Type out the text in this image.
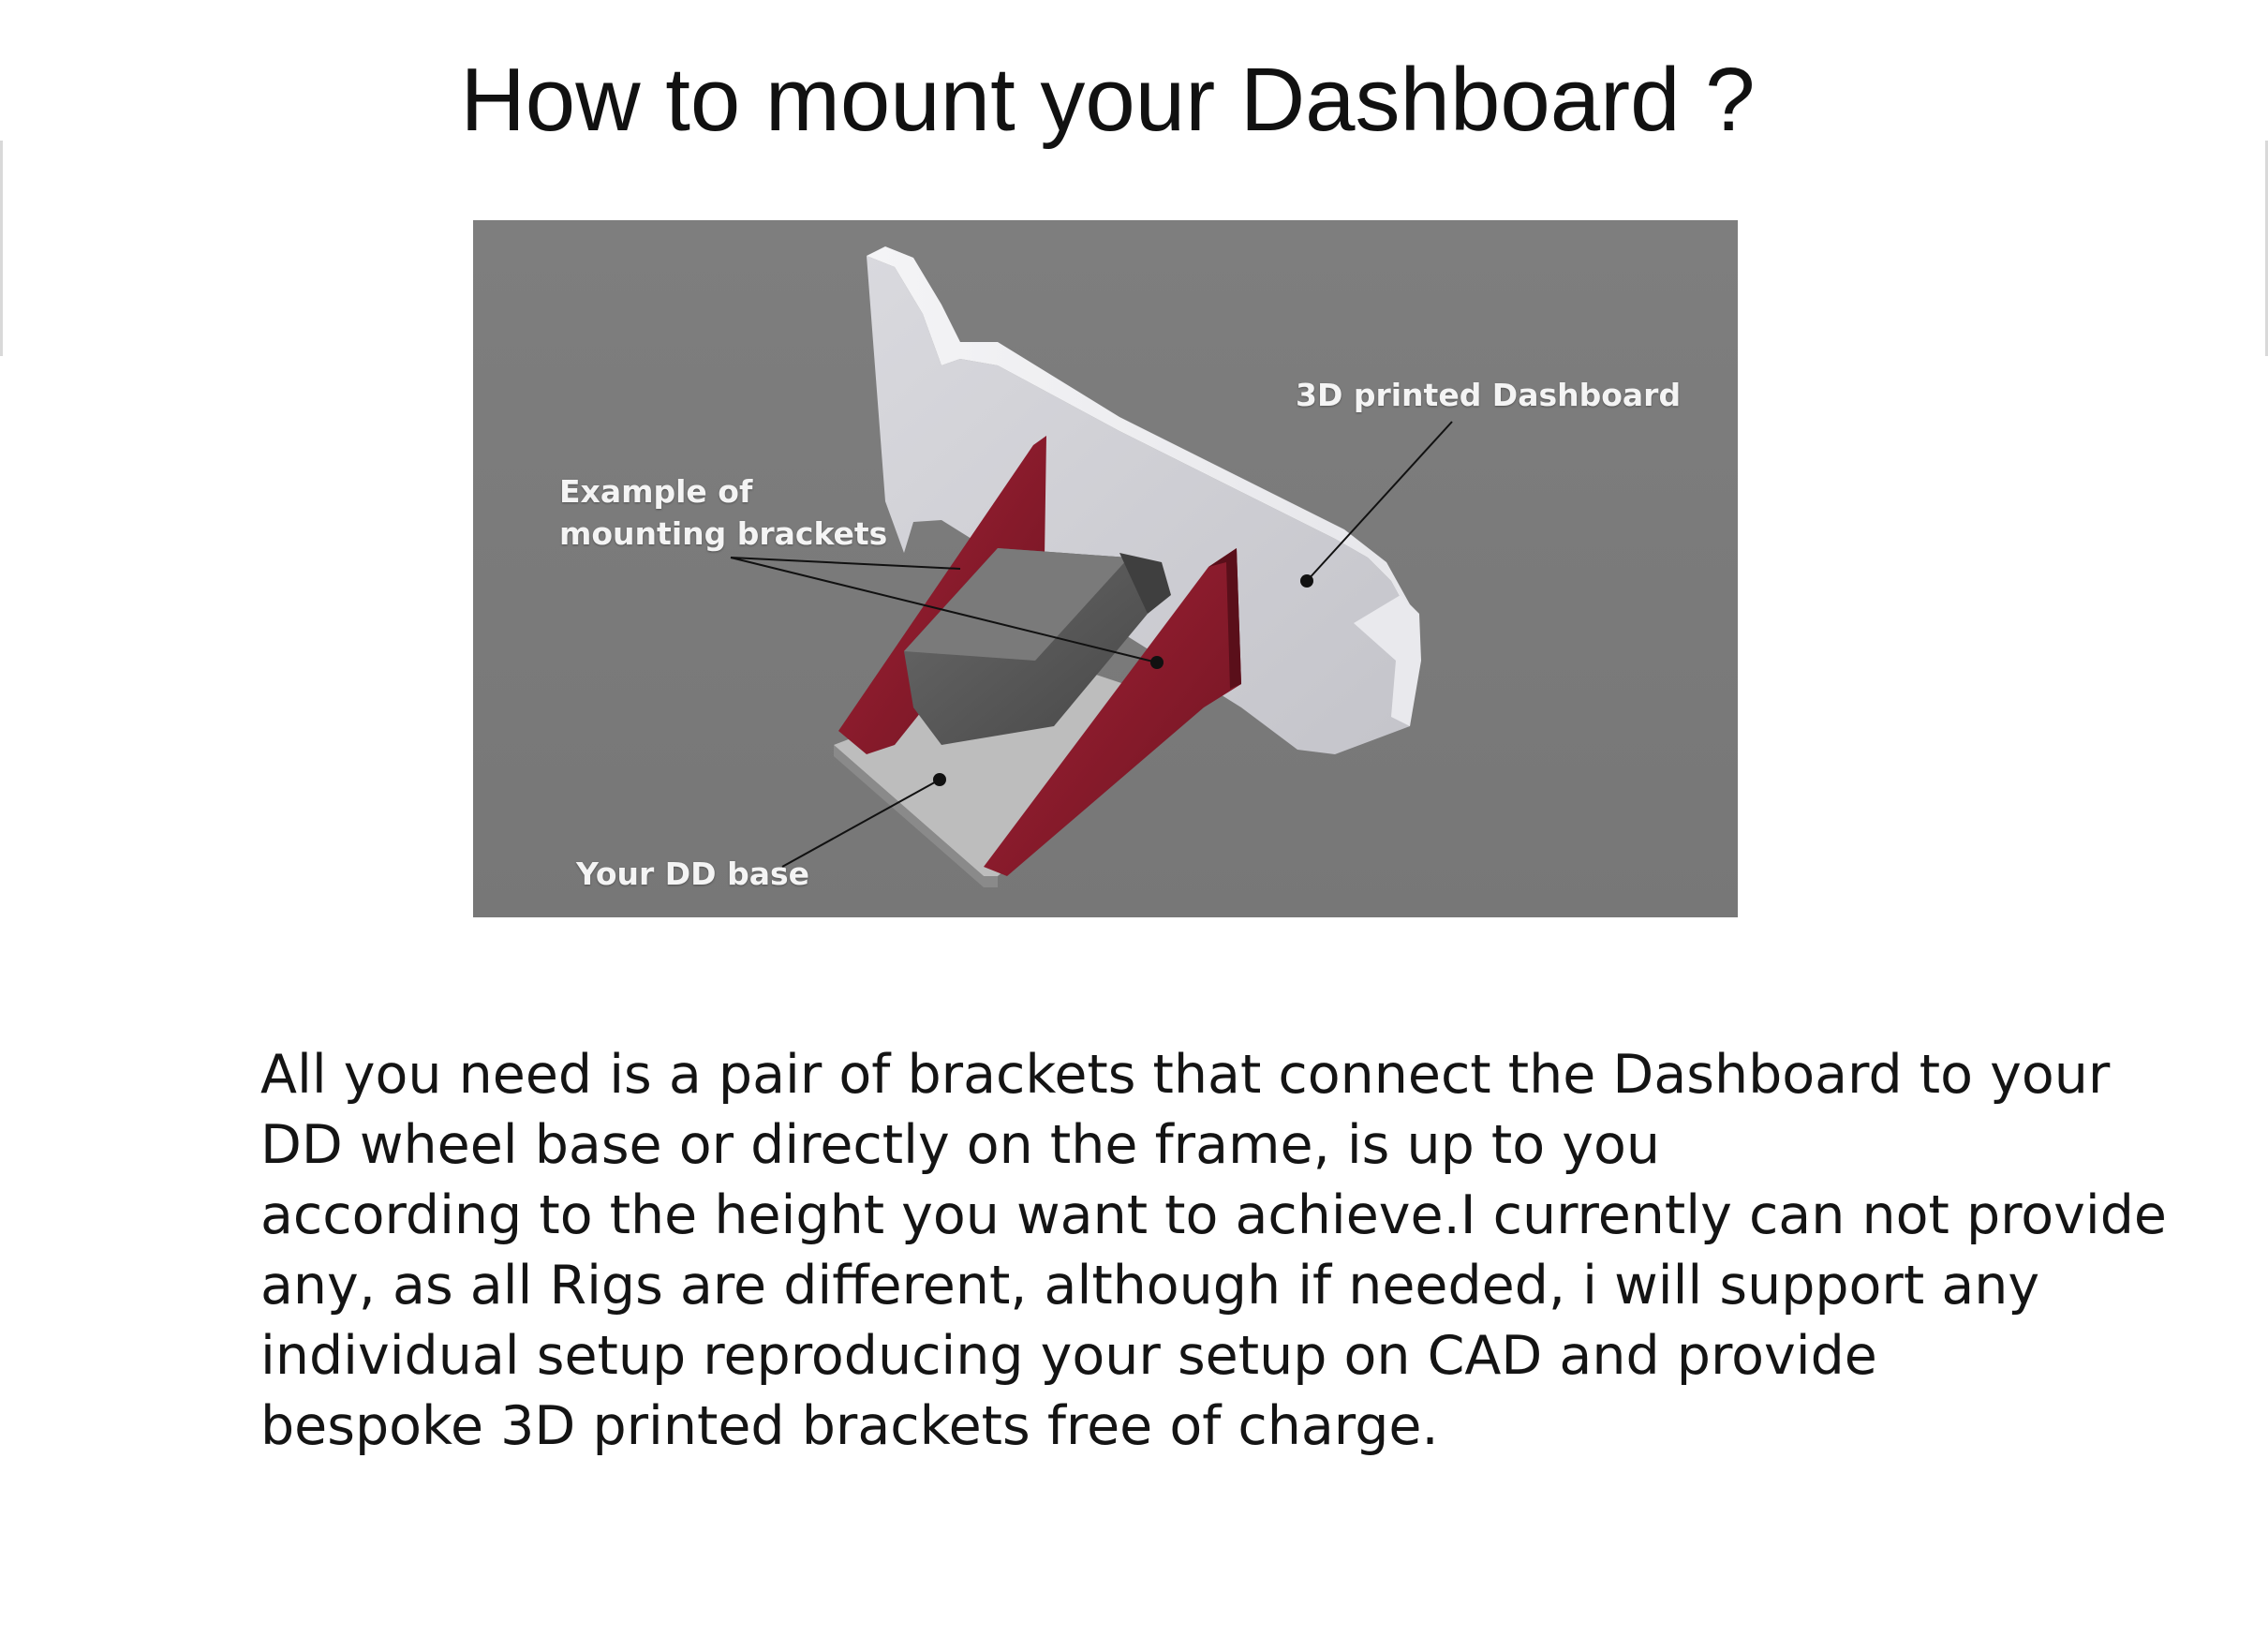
How to mount your Dashboard ?

3D printed Dashboard

Example of
mounting brackets

Your DD base

All you need is a pair of brackets that connect the Dashboard to your
DD wheel base or directly on the frame, is up to you
according to the height you want to achieve.I currently can not provide
any, as all Rigs are different, although if needed, i will support any
individual setup reproducing your setup on CAD and provide
bespoke 3D printed brackets free of charge.
